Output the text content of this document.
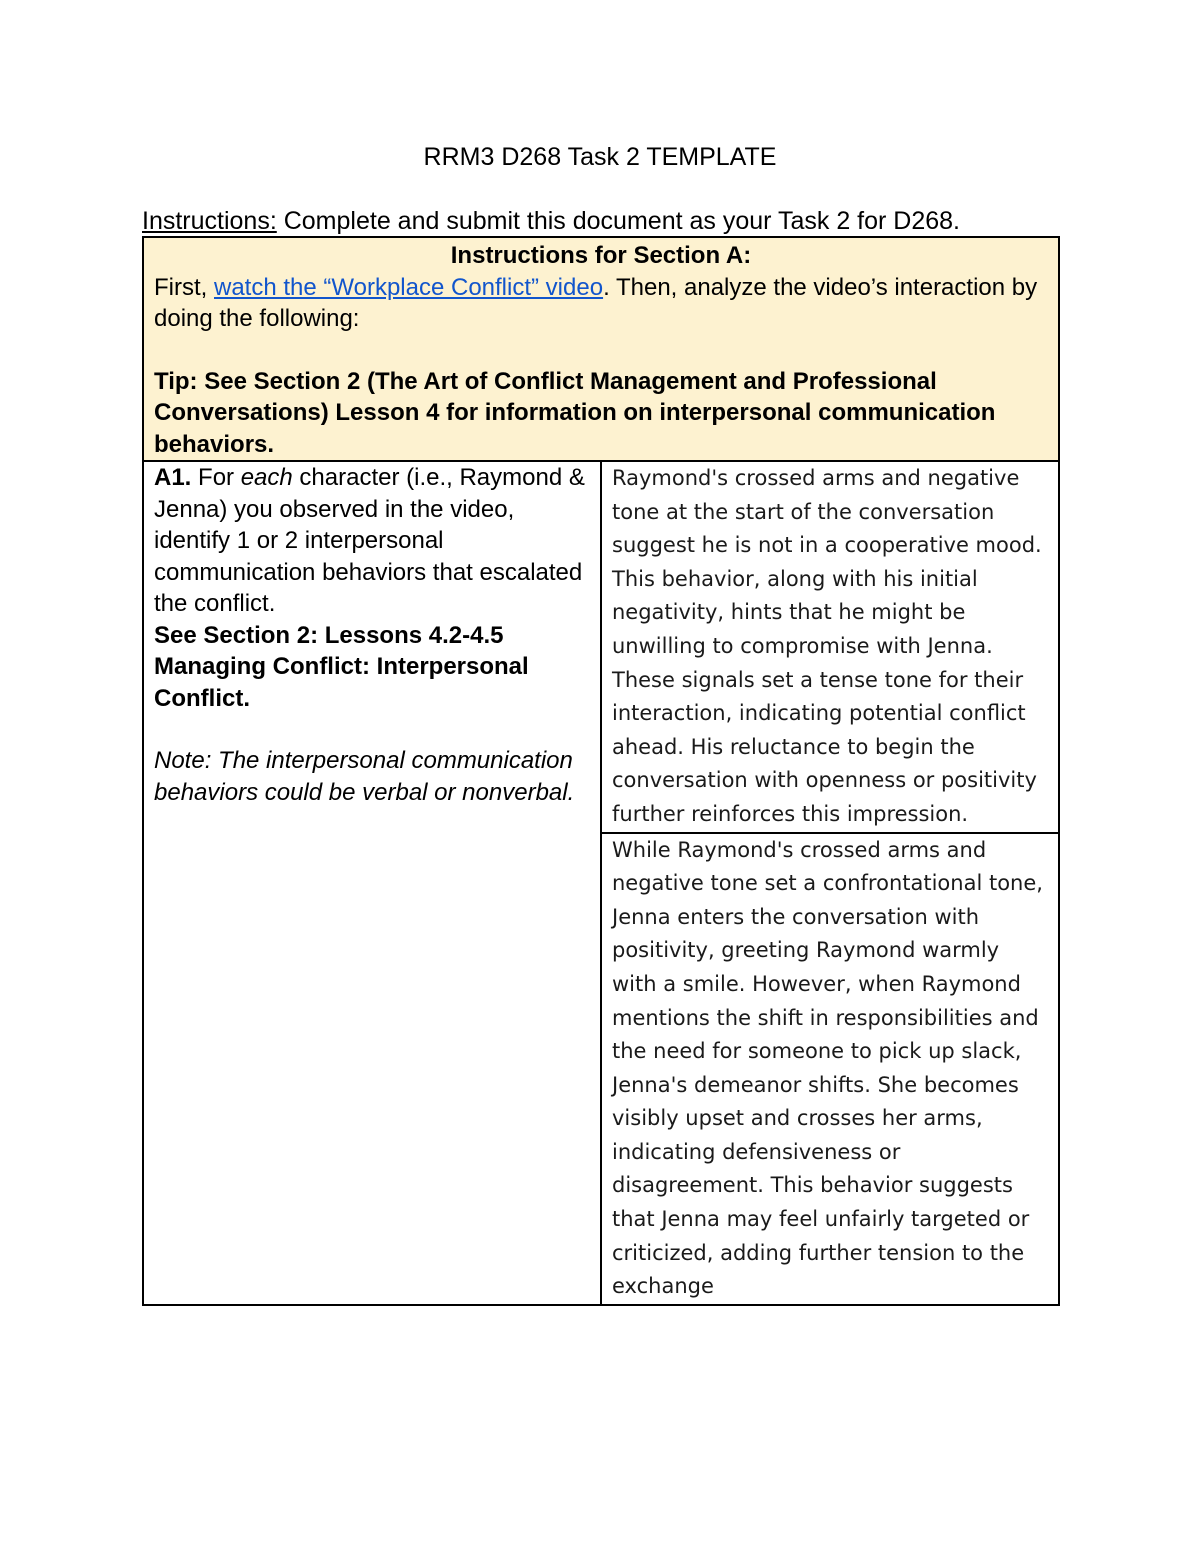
RRM3 D268 Task 2 TEMPLATE
Instructions: Complete and submit this document as your Task 2 for D268.
Instructions for Section A:
First, watch the “Workplace Conflict” video. Then, analyze the video’s interaction by doing the following:
Tip: See Section 2 (The Art of Conflict Management and Professional Conversations) Lesson 4 for information on interpersonal communication behaviors.

A1. For each character (i.e., Raymond & Jenna) you observed in the video, identify 1 or 2 interpersonal communication behaviors that escalated the conflict.
See Section 2: Lessons 4.2-4.5 Managing Conflict: Interpersonal Conflict.
Note: The interpersonal communication behaviors could be verbal or nonverbal.

Raymond's crossed arms and negative tone at the start of the conversation suggest he is not in a cooperative mood. This behavior, along with his initial negativity, hints that he might be unwilling to compromise with Jenna. These signals set a tense tone for their interaction, indicating potential conflict ahead. His reluctance to begin the conversation with openness or positivity further reinforces this impression.

While Raymond's crossed arms and negative tone set a confrontational tone, Jenna enters the conversation with positivity, greeting Raymond warmly with a smile. However, when Raymond mentions the shift in responsibilities and the need for someone to pick up slack, Jenna's demeanor shifts. She becomes visibly upset and crosses her arms, indicating defensiveness or disagreement. This behavior suggests that Jenna may feel unfairly targeted or criticized, adding further tension to the exchange
